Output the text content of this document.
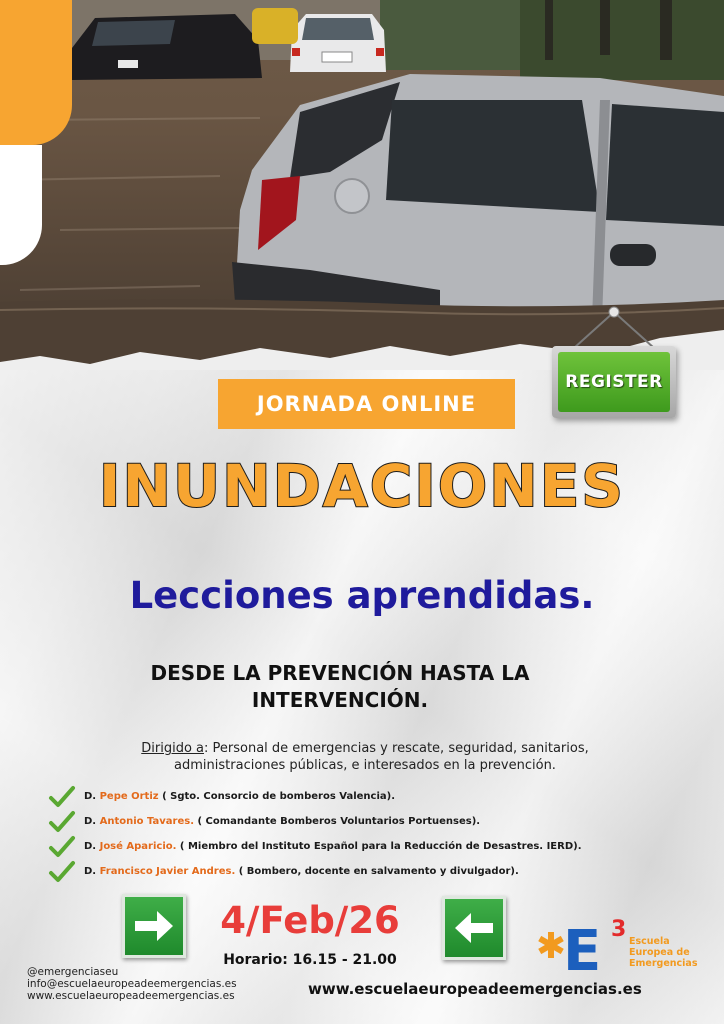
REGISTER
JORNADA ONLINE
INUNDACIONES
Lecciones aprendidas.
DESDE LA PREVENCIÓN HASTA LA
INTERVENCIÓN.
Dirigido a: Personal de emergencias y rescate, seguridad, sanitarios,
administraciones públicas, e interesados en la prevención.
D. Pepe Ortiz ( Sgto. Consorcio de bomberos Valencia).
D. Antonio Tavares. ( Comandante Bomberos Voluntarios Portuenses).
D. José Aparicio. ( Miembro del Instituto Español para la Reducción de Desastres. IERD).
D. Francisco Javier Andres. ( Bombero, docente en salvamento y divulgador).
4/Feb/26
Horario: 16.15 - 21.00
@emergenciaseu
info@escuelaeuropeadeemergencias.es
www.escuelaeuropeadeemergencias.es	www.escuelaeuropeadeemergencias.es
E 3 Escuela
Europea de
Emergencias
